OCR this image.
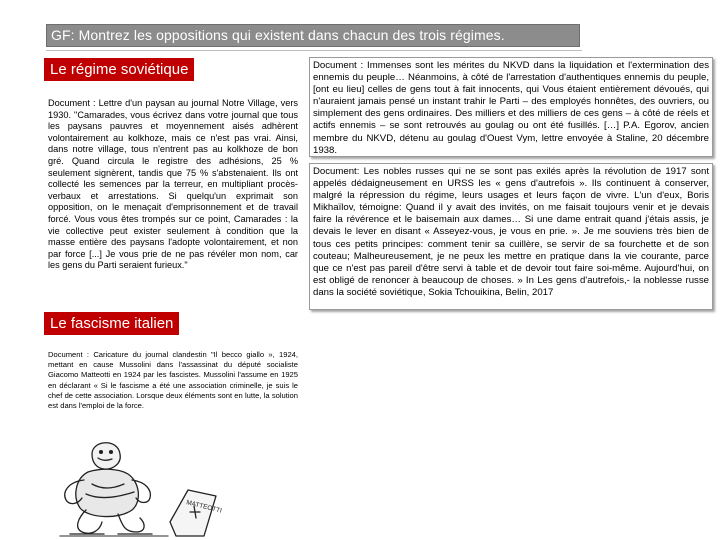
GF: Montrez les oppositions qui existent dans chacun des trois régimes.
Le régime soviétique
Document : Lettre d'un paysan au journal Notre Village, vers 1930. "Camarades, vous écrivez dans votre journal que tous les paysans pauvres et moyennement aisés adhèrent volontairement au kolkhoze, mais ce n'est pas vrai. Ainsi, dans notre village, tous n'entrent pas au kolkhoze de bon gré. Quand circula le registre des adhésions, 25 % seulement signèrent, tandis que 75 % s'abstenaient. Ils ont collecté les semences par la terreur, en multipliant procès-verbaux et arrestations. Si quelqu'un exprimait son opposition, on le menaçait d'emprisonnement et de travail forcé. Vous vous êtes trompés sur ce point, Camarades : la vie collective peut exister seulement à condition que la masse entière des paysans l'adopte volontairement, et non par force [...] Je vous prie de ne pas révéler mon nom, car les gens du Parti seraient furieux."
Le fascisme italien
Document : Caricature du journal clandestin "Il becco giallo », 1924, mettant en cause Mussolini dans l'assassinat du député socialiste Giacomo Matteotti en 1924 par les fascistes. Mussolini l'assume en 1925 en déclarant « Si le fascisme a été une association criminelle, je suis le chef de cette association. Lorsque deux éléments sont en lutte, la solution est dans l'emploi de la force.
Document : Immenses sont les mérites du NKVD dans la liquidation et l'extermination des ennemis du peuple… Néanmoins, à côté de l'arrestation d'authentiques ennemis du peuple, [ont eu lieu] celles de gens tout à fait innocents, qui Vous étaient entièrement dévoués, qui n'auraient jamais pensé un instant trahir le Parti – des employés honnêtes, des ouvriers, ou simplement des gens ordinaires. Des milliers et des milliers de ces gens – à côté de réels et actifs ennemis – se sont retrouvés au goulag ou ont été fusillés. […] P.A. Egorov, ancien membre du NKVD, détenu au goulag d'Ouest Vym, lettre envoyée à Staline, 20 décembre 1938.
Document: Les nobles russes qui ne se sont pas exilés après la révolution de 1917 sont appelés dédaigneusement en URSS les « gens d'autrefois ». Ils continuent à conserver, malgré la répression du régime, leurs usages et leurs façon de vivre. L'un d'eux, Boris Mikhaïlov, témoigne: Quand il y avait des invités, on me faisait toujours venir et je devais faire la révérence et le baisemain aux dames… Si une dame entrait quand j'étais assis, je devais le lever en disant « Asseyez-vous, je vous en prie. ». Je me souviens très bien de tous ces petits principes: comment tenir sa cuillère, se servir de sa fourchette et de son couteau; Malheureusement, je ne peux les mettre en pratique dans la vie courante, parce que ce n'est pas pareil d'être servi à table et de devoir tout faire soi-même. Aujourd'hui, on est obligé de renoncer à beaucoup de choses. » In Les gens d'autrefois,- la noblesse russe dans la société soviétique, Sokia Tchouikina, Belin, 2017
MATTEOTTI
